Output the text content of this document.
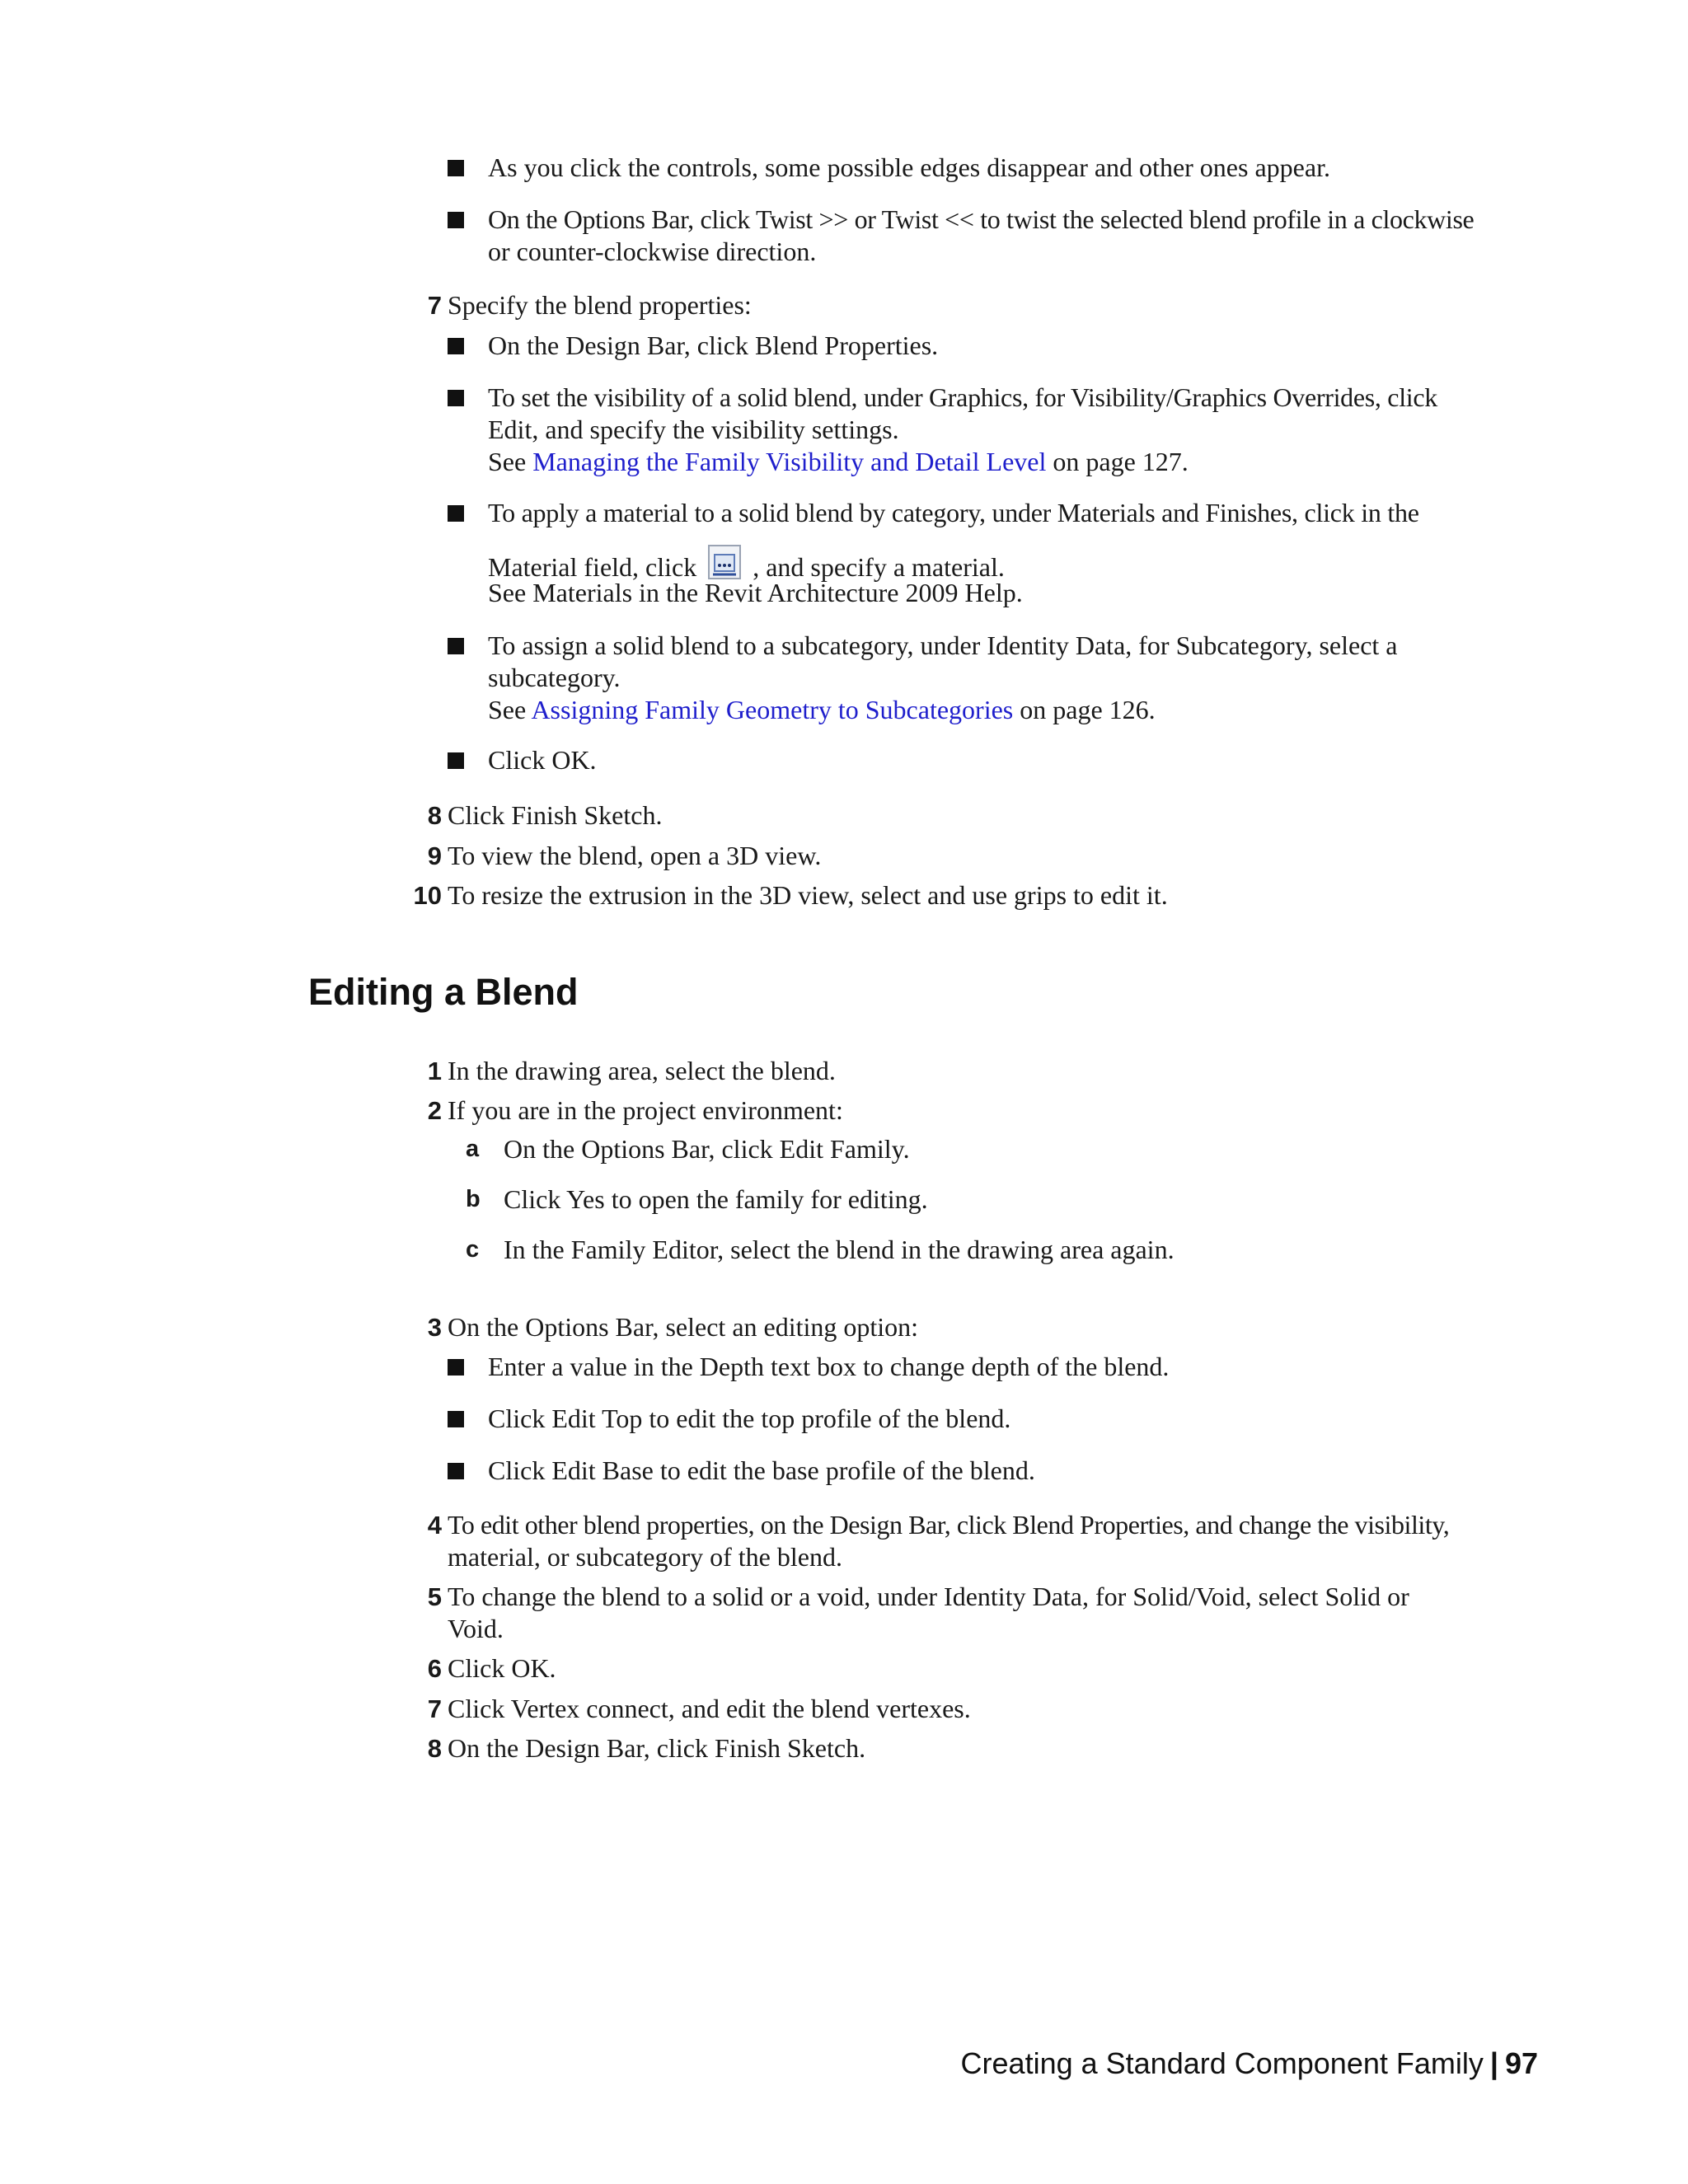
As you click the controls, some possible edges disappear and other ones appear.
On the Options Bar, click Twist >> or Twist << to twist the selected blend profile in a clockwise
or counter-clockwise direction.
7 Specify the blend properties:
On the Design Bar, click Blend Properties.
To set the visibility of a solid blend, under Graphics, for Visibility/Graphics Overrides, click
Edit, and specify the visibility settings.
See Managing the Family Visibility and Detail Level on page 127.
To apply a material to a solid blend by category, under Materials and Finishes, click in the
Material field, click , and specify a material.
See Materials in the Revit Architecture 2009 Help.
To assign a solid blend to a subcategory, under Identity Data, for Subcategory, select a
subcategory.
See Assigning Family Geometry to Subcategories on page 126.
Click OK.
8 Click Finish Sketch.
9 To view the blend, open a 3D view.
10 To resize the extrusion in the 3D view, select and use grips to edit it.
Editing a Blend
1 In the drawing area, select the blend.
2 If you are in the project environment:
a On the Options Bar, click Edit Family.
b Click Yes to open the family for editing.
c In the Family Editor, select the blend in the drawing area again.
3 On the Options Bar, select an editing option:
Enter a value in the Depth text box to change depth of the blend.
Click Edit Top to edit the top profile of the blend.
Click Edit Base to edit the base profile of the blend.
4 To edit other blend properties, on the Design Bar, click Blend Properties, and change the visibility,
material, or subcategory of the blend.
5 To change the blend to a solid or a void, under Identity Data, for Solid/Void, select Solid or
Void.
6 Click OK.
7 Click Vertex connect, and edit the blend vertexes.
8 On the Design Bar, click Finish Sketch.
Creating a Standard Component Family | 97
